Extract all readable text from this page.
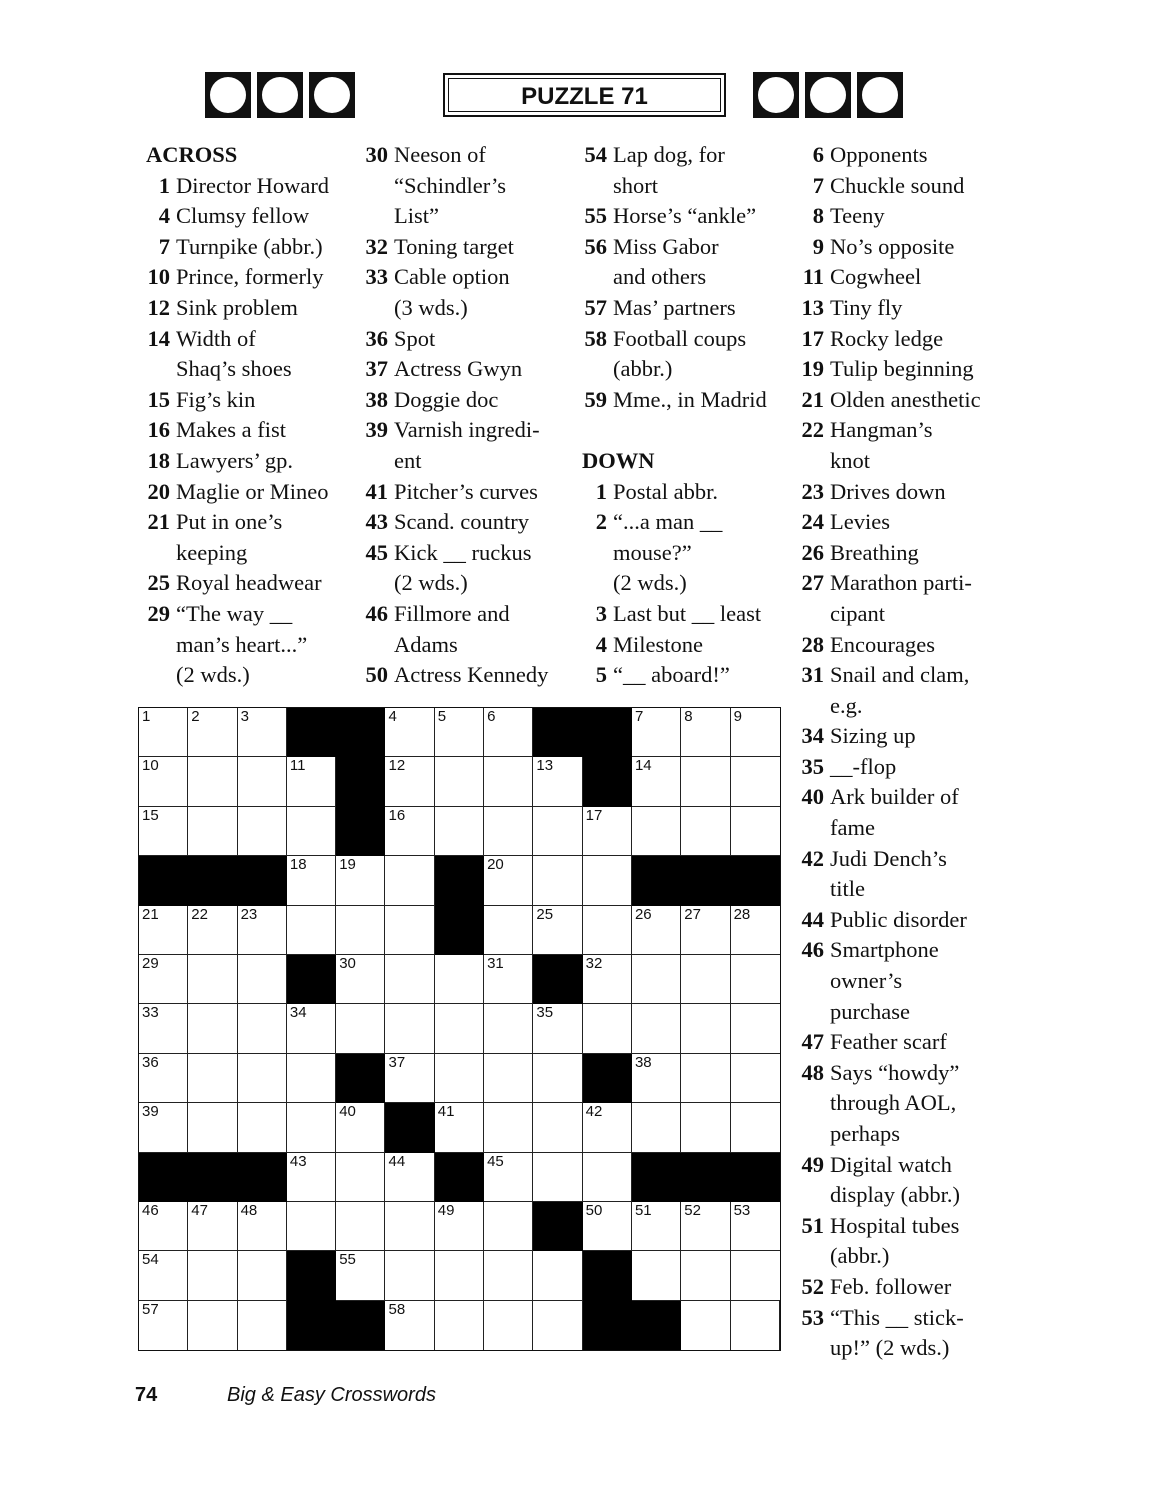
PUZZLE 71
ACROSS
1 Director Howard
4 Clumsy fellow
7 Turnpike (abbr.)
10 Prince, formerly
12 Sink problem
14 Width of
Shaq’s shoes
15 Fig’s kin
16 Makes a fist
18 Lawyers’ gp.
20 Maglie or Mineo
21 Put in one’s
keeping
25 Royal headwear
29 “The way __
man’s heart...”
(2 wds.)
30 Neeson of
“Schindler’s
List”
32 Toning target
33 Cable option
(3 wds.)
36 Spot
37 Actress Gwyn
38 Doggie doc
39 Varnish ingredi-
ent
41 Pitcher’s curves
43 Scand. country
45 Kick __ ruckus
(2 wds.)
46 Fillmore and
Adams
50 Actress Kennedy
54 Lap dog, for
short
55 Horse’s “ankle”
56 Miss Gabor
and others
57 Mas’ partners
58 Football coups
(abbr.)
59 Mme., in Madrid
DOWN
1 Postal abbr.
2 “...a man __
mouse?”
(2 wds.)
3 Last but __ least
4 Milestone
5 “__ aboard!”
6 Opponents
7 Chuckle sound
8 Teeny
9 No’s opposite
11 Cogwheel
13 Tiny fly
17 Rocky ledge
19 Tulip beginning
21 Olden anesthetic
22 Hangman’s
knot
23 Drives down
24 Levies
26 Breathing
27 Marathon parti-
cipant
28 Encourages
31 Snail and clam,
e.g.
34 Sizing up
35 __-flop
40 Ark builder of
fame
42 Judi Dench’s
title
44 Public disorder
46 Smartphone
owner’s
purchase
47 Feather scarf
48 Says “howdy”
through AOL,
perhaps
49 Digital watch
display (abbr.)
51 Hospital tubes
(abbr.)
52 Feb. follower
53 “This __ stick-
up!” (2 wds.)
1	2	3	4	5	6	7	8	9
10	11	12	13	14
15	16	17
18 19	20
21 22 23	25	26 27 28
29	30	31	32
33	34	35
36	37	38
39	40	41	42
43	44	45
46 47 48	49	50 51 52 53
54	55
57	58
74	Big & Easy Crosswords
